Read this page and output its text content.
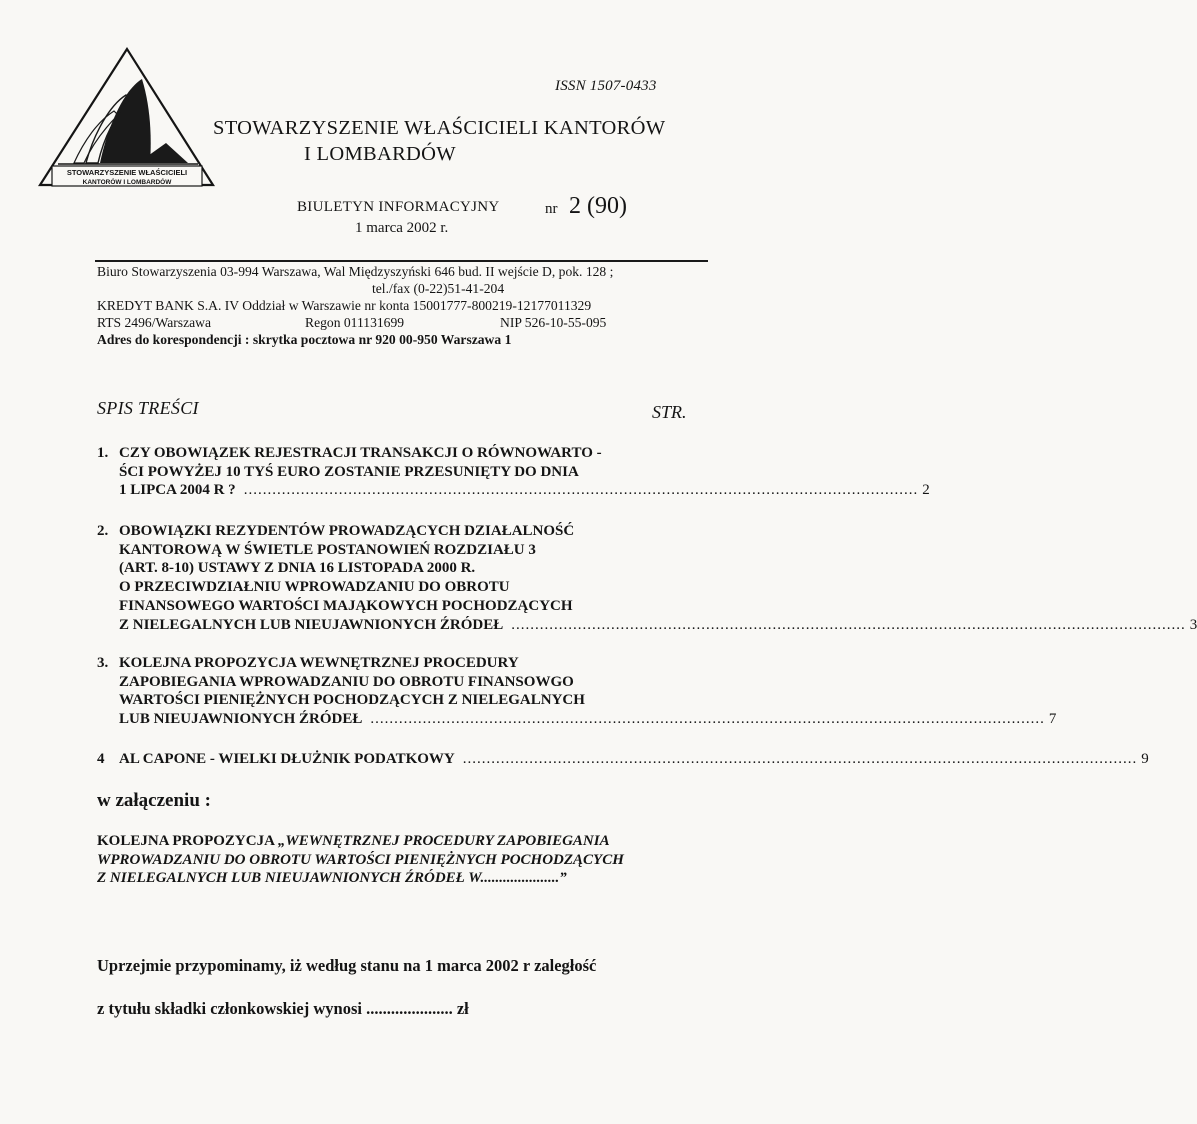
STOWARZYSZENIE WŁAŚCICIELI
KANTORÓW I LOMBARDÓW
ISSN 1507-0433
STOWARZYSZENIE WŁAŚCICIELI KANTORÓW
I LOMBARDÓW
BIULETYN INFORMACYJNY	nr 2 (90)
1 marca 2002 r.
Biuro Stowarzyszenia 03-994 Warszawa, Wal Międzyszyński 646 bud. II wejście D, pok. 128 ;
tel./fax (0-22)51-41-204
KREDYT BANK S.A. IV Oddział w Warszawie nr konta 15001777-800219-12177011329
RTS 2496/Warszawa	Regon 011131699	NIP 526-10-55-095
Adres do korespondencji : skrytka pocztowa nr 920 00-950 Warszawa 1
SPIS TREŚCI	STR.
1. CZY OBOWIĄZEK REJESTRACJI TRANSAKCJI O RÓWNOWARTO -
ŚCI POWYŻEJ 10 TYŚ EURO ZOSTANIE PRZESUNIĘTY DO DNIA
1 LIPCA 2004 R ? .............................................................................................................................................. 2
2. OBOWIĄZKI REZYDENTÓW PROWADZĄCYCH DZIAŁALNOŚĆ
KANTOROWĄ W ŚWIETLE POSTANOWIEŃ ROZDZIAŁU 3
(ART. 8-10) USTAWY Z DNIA 16 LISTOPADA 2000 R.
O PRZECIWDZIAŁNIU WPROWADZANIU DO OBROTU
FINANSOWEGO WARTOŚCI MAJĄKOWYCH POCHODZĄCYCH
Z NIELEGALNYCH LUB NIEUJAWNIONYCH ŹRÓDEŁ .............................................................................................................................................. 3
3. KOLEJNA PROPOZYCJA WEWNĘTRZNEJ PROCEDURY
ZAPOBIEGANIA WPROWADZANIU DO OBROTU FINANSOWGO
WARTOŚCI PIENIĘŻNYCH POCHODZĄCYCH Z NIELEGALNYCH
LUB NIEUJAWNIONYCH ŹRÓDEŁ .............................................................................................................................................. 7
4 AL CAPONE - WIELKI DŁUŻNIK PODATKOWY .............................................................................................................................................. 9
w załączeniu :
KOLEJNA PROPOZYCJA „WEWNĘTRZNEJ PROCEDURY ZAPOBIEGANIA
WPROWADZANIU DO OBROTU WARTOŚCI PIENIĘŻNYCH POCHODZĄCYCH
Z NIELEGALNYCH LUB NIEUJAWNIONYCH ŹRÓDEŁ W.....................”
Uprzejmie przypominamy, iż według stanu na 1 marca 2002 r zaległość
z tytułu składki członkowskiej wynosi ..................... zł
